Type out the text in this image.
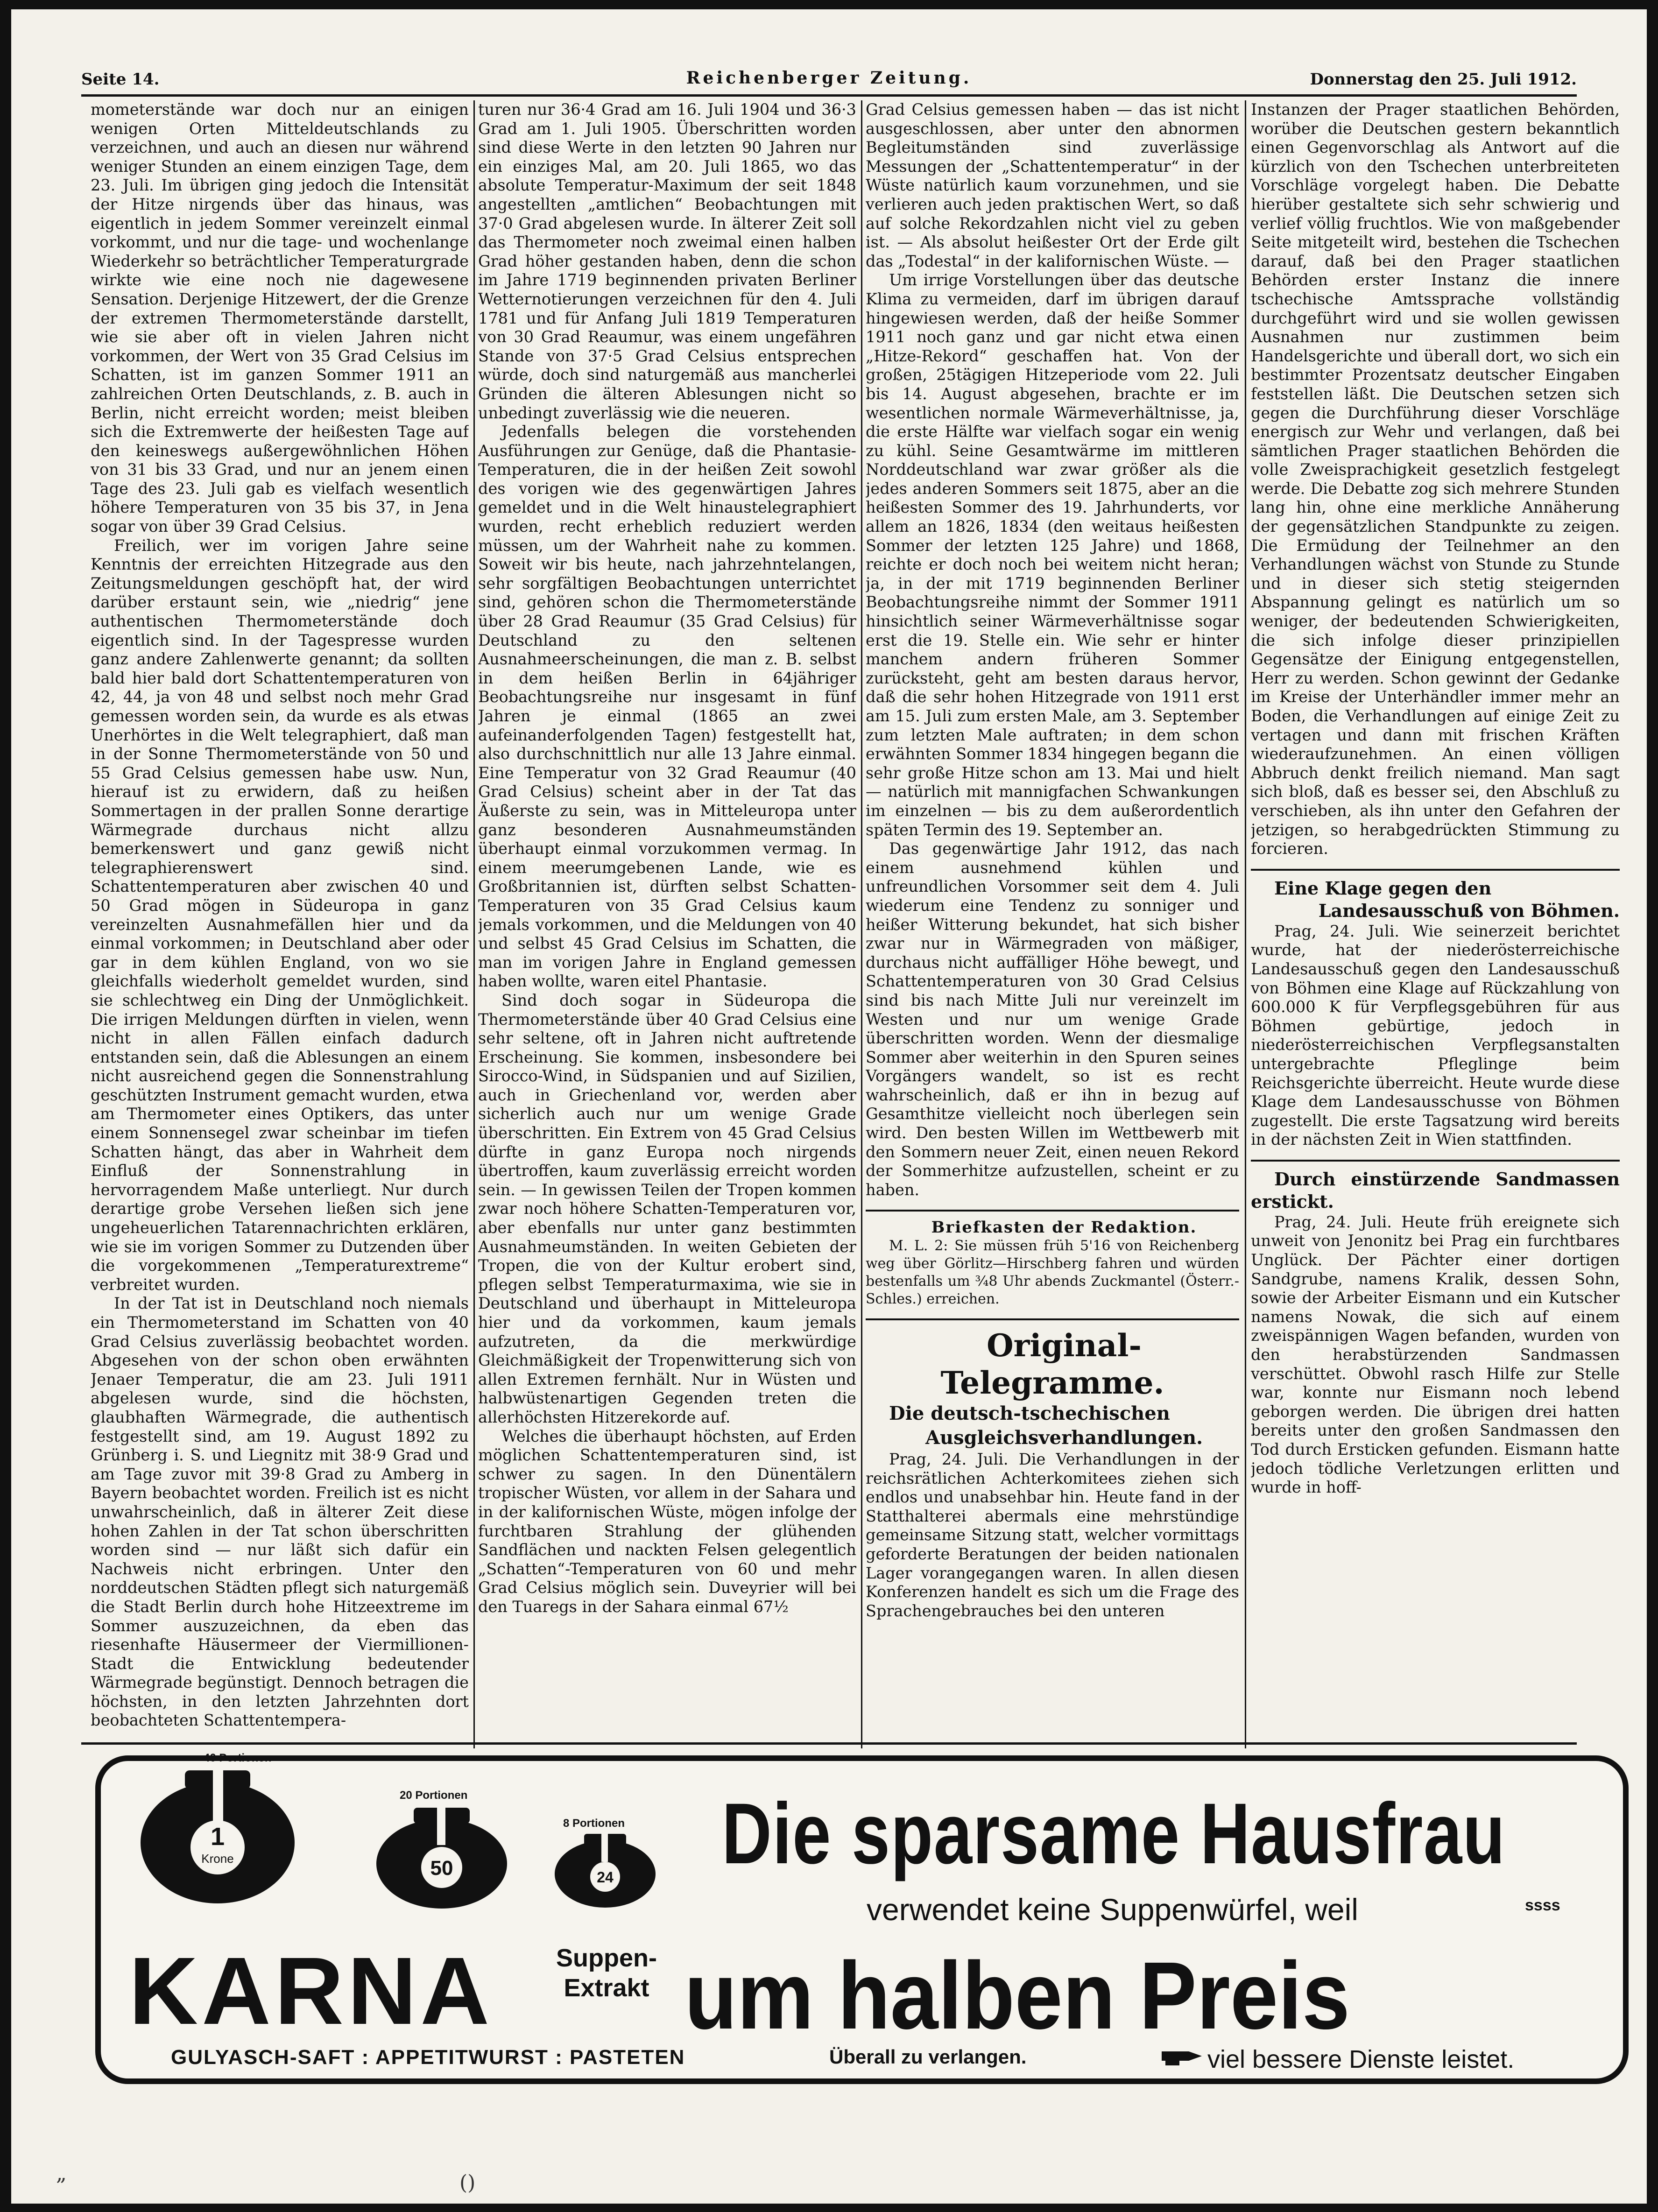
Seite 14.	Reichenberger Zeitung.	Donnerstag den 25. Juli 1912.

mometerstände war doch nur an einigen wenigen Orten Mitteldeutschlands zu verzeichnen, und auch an diesen nur während weniger Stunden an einem einzigen Tage, dem 23. Juli. Im übrigen ging jedoch die Intensität der Hitze nirgends über das hinaus, was eigentlich in jedem Sommer vereinzelt einmal vorkommt, und nur die tage- und wochenlange Wiederkehr so beträchtlicher Temperaturgrade wirkte wie eine noch nie dagewesene Sensation. Derjenige Hitzewert, der die Grenze der extremen Thermometerstände darstellt, wie sie aber oft in vielen Jahren nicht vorkommen, der Wert von 35 Grad Celsius im Schatten, ist im ganzen Sommer 1911 an zahlreichen Orten Deutschlands, z. B. auch in Berlin, nicht erreicht worden; meist bleiben sich die Extremwerte der heißesten Tage auf den keineswegs außergewöhnlichen Höhen von 31 bis 33 Grad, und nur an jenem einen Tage des 23. Juli gab es vielfach wesentlich höhere Temperaturen von 35 bis 37, in Jena sogar von über 39 Grad Celsius.

Freilich, wer im vorigen Jahre seine Kenntnis der erreichten Hitzegrade aus den Zeitungsmeldungen geschöpft hat, der wird darüber erstaunt sein, wie „niedrig“ jene authentischen Thermometerstände doch eigentlich sind. In der Tagespresse wurden ganz andere Zahlenwerte genannt; da sollten bald hier bald dort Schattentemperaturen von 42, 44, ja von 48 und selbst noch mehr Grad gemessen worden sein, da wurde es als etwas Unerhörtes in die Welt telegraphiert, daß man in der Sonne Thermometerstände von 50 und 55 Grad Celsius gemessen habe usw. Nun, hierauf ist zu erwidern, daß zu heißen Sommertagen in der prallen Sonne derartige Wärmegrade durchaus nicht allzu bemerkenswert und ganz gewiß nicht telegraphierenswert sind. Schattentemperaturen aber zwischen 40 und 50 Grad mögen in Südeuropa in ganz vereinzelten Ausnahmefällen hier und da einmal vorkommen; in Deutschland aber oder gar in dem kühlen England, von wo sie gleichfalls wiederholt gemeldet wurden, sind sie schlechtweg ein Ding der Unmöglichkeit. Die irrigen Meldungen dürften in vielen, wenn nicht in allen Fällen einfach dadurch entstanden sein, daß die Ablesungen an einem nicht ausreichend gegen die Sonnenstrahlung geschützten Instrument gemacht wurden, etwa am Thermometer eines Optikers, das unter einem Sonnensegel zwar scheinbar im tiefen Schatten hängt, das aber in Wahrheit dem Einfluß der Sonnenstrahlung in hervorragendem Maße unterliegt. Nur durch derartige grobe Versehen ließen sich jene ungeheuerlichen Tatarennachrichten erklären, wie sie im vorigen Sommer zu Dutzenden über die vorgekommenen „Temperaturextreme“ verbreitet wurden.

In der Tat ist in Deutschland noch niemals ein Thermometerstand im Schatten von 40 Grad Celsius zuverlässig beobachtet worden. Abgesehen von der schon oben erwähnten Jenaer Temperatur, die am 23. Juli 1911 abgelesen wurde, sind die höchsten, glaubhaften Wärmegrade, die authentisch festgestellt sind, am 19. August 1892 zu Grünberg i. S. und Liegnitz mit 38·9 Grad und am Tage zuvor mit 39·8 Grad zu Amberg in Bayern beobachtet worden. Freilich ist es nicht unwahrscheinlich, daß in älterer Zeit diese hohen Zahlen in der Tat schon überschritten worden sind — nur läßt sich dafür ein Nachweis nicht erbringen. Unter den norddeutschen Städten pflegt sich naturgemäß die Stadt Berlin durch hohe Hitzeextreme im Sommer auszuzeichnen, da eben das riesenhafte Häusermeer der Viermillionen-Stadt die Entwicklung bedeutender Wärmegrade begünstigt. Dennoch betragen die höchsten, in den letzten Jahrzehnten dort beobachteten Schattentempera-

turen nur 36·4 Grad am 16. Juli 1904 und 36·3 Grad am 1. Juli 1905. Überschritten worden sind diese Werte in den letzten 90 Jahren nur ein einziges Mal, am 20. Juli 1865, wo das absolute Temperatur-Maximum der seit 1848 angestellten „amtlichen“ Beobachtungen mit 37·0 Grad abgelesen wurde. In älterer Zeit soll das Thermometer noch zweimal einen halben Grad höher gestanden haben, denn die schon im Jahre 1719 beginnenden privaten Berliner Wetternotierungen verzeichnen für den 4. Juli 1781 und für Anfang Juli 1819 Temperaturen von 30 Grad Reaumur, was einem ungefähren Stande von 37·5 Grad Celsius entsprechen würde, doch sind naturgemäß aus mancherlei Gründen die älteren Ablesungen nicht so unbedingt zuverlässig wie die neueren.

Jedenfalls belegen die vorstehenden Ausführungen zur Genüge, daß die Phantasie-Temperaturen, die in der heißen Zeit sowohl des vorigen wie des gegenwärtigen Jahres gemeldet und in die Welt hinaustelegraphiert wurden, recht erheblich reduziert werden müssen, um der Wahrheit nahe zu kommen. Soweit wir bis heute, nach jahrzehntelangen, sehr sorgfältigen Beobachtungen unterrichtet sind, gehören schon die Thermometerstände über 28 Grad Reaumur (35 Grad Celsius) für Deutschland zu den seltenen Ausnahmeerscheinungen, die man z. B. selbst in dem heißen Berlin in 64jähriger Beobachtungsreihe nur insgesamt in fünf Jahren je einmal (1865 an zwei aufeinanderfolgenden Tagen) festgestellt hat, also durchschnittlich nur alle 13 Jahre einmal. Eine Temperatur von 32 Grad Reaumur (40 Grad Celsius) scheint aber in der Tat das Äußerste zu sein, was in Mitteleuropa unter ganz besonderen Ausnahmeumständen überhaupt einmal vorzukommen vermag. In einem meerumgebenen Lande, wie es Großbritannien ist, dürften selbst Schatten-Temperaturen von 35 Grad Celsius kaum jemals vorkommen, und die Meldungen von 40 und selbst 45 Grad Celsius im Schatten, die man im vorigen Jahre in England gemessen haben wollte, waren eitel Phantasie.

Sind doch sogar in Südeuropa die Thermometerstände über 40 Grad Celsius eine sehr seltene, oft in Jahren nicht auftretende Erscheinung. Sie kommen, insbesondere bei Sirocco-Wind, in Südspanien und auf Sizilien, auch in Griechenland vor, werden aber sicherlich auch nur um wenige Grade überschritten. Ein Extrem von 45 Grad Celsius dürfte in ganz Europa noch nirgends übertroffen, kaum zuverlässig erreicht worden sein. — In gewissen Teilen der Tropen kommen zwar noch höhere Schatten-Temperaturen vor, aber ebenfalls nur unter ganz bestimmten Ausnahmeumständen. In weiten Gebieten der Tropen, die von der Kultur erobert sind, pflegen selbst Temperaturmaxima, wie sie in Deutschland und überhaupt in Mitteleuropa hier und da vorkommen, kaum jemals aufzutreten, da die merkwürdige Gleichmäßigkeit der Tropenwitterung sich von allen Extremen fernhält. Nur in Wüsten und halbwüstenartigen Gegenden treten die allerhöchsten Hitzerekorde auf.

Welches die überhaupt höchsten, auf Erden möglichen Schattentemperaturen sind, ist schwer zu sagen. In den Dünentälern tropischer Wüsten, vor allem in der Sahara und in der kalifornischen Wüste, mögen infolge der furchtbaren Strahlung der glühenden Sandflächen und nackten Felsen gelegentlich „Schatten“-Temperaturen von 60 und mehr Grad Celsius möglich sein. Duveyrier will bei den Tuaregs in der Sahara einmal 67½

Grad Celsius gemessen haben — das ist nicht ausgeschlossen, aber unter den abnormen Begleitumständen sind zuverlässige Messungen der „Schattentemperatur“ in der Wüste natürlich kaum vorzunehmen, und sie verlieren auch jeden praktischen Wert, so daß auf solche Rekordzahlen nicht viel zu geben ist. — Als absolut heißester Ort der Erde gilt das „Todestal“ in der kalifornischen Wüste. —

Um irrige Vorstellungen über das deutsche Klima zu vermeiden, darf im übrigen darauf hingewiesen werden, daß der heiße Sommer 1911 noch ganz und gar nicht etwa einen „Hitze-Rekord“ geschaffen hat. Von der großen, 25tägigen Hitzeperiode vom 22. Juli bis 14. August abgesehen, brachte er im wesentlichen normale Wärmeverhältnisse, ja, die erste Hälfte war vielfach sogar ein wenig zu kühl. Seine Gesamtwärme im mittleren Norddeutschland war zwar größer als die jedes anderen Sommers seit 1875, aber an die heißesten Sommer des 19. Jahrhunderts, vor allem an 1826, 1834 (den weitaus heißesten Sommer der letzten 125 Jahre) und 1868, reichte er doch noch bei weitem nicht heran; ja, in der mit 1719 beginnenden Berliner Beobachtungsreihe nimmt der Sommer 1911 hinsichtlich seiner Wärmeverhältnisse sogar erst die 19. Stelle ein. Wie sehr er hinter manchem andern früheren Sommer zurücksteht, geht am besten daraus hervor, daß die sehr hohen Hitzegrade von 1911 erst am 15. Juli zum ersten Male, am 3. September zum letzten Male auftraten; in dem schon erwähnten Sommer 1834 hingegen begann die sehr große Hitze schon am 13. Mai und hielt — natürlich mit mannigfachen Schwankungen im einzelnen — bis zu dem außerordentlich späten Termin des 19. September an.

Das gegenwärtige Jahr 1912, das nach einem ausnehmend kühlen und unfreundlichen Vorsommer seit dem 4. Juli wiederum eine Tendenz zu sonniger und heißer Witterung bekundet, hat sich bisher zwar nur in Wärmegraden von mäßiger, durchaus nicht auffälliger Höhe bewegt, und Schattentemperaturen von 30 Grad Celsius sind bis nach Mitte Juli nur vereinzelt im Westen und nur um wenige Grade überschritten worden. Wenn der diesmalige Sommer aber weiterhin in den Spuren seines Vorgängers wandelt, so ist es recht wahrscheinlich, daß er ihn in bezug auf Gesamthitze vielleicht noch überlegen sein wird. Den besten Willen im Wettbewerb mit den Sommern neuer Zeit, einen neuen Rekord der Sommerhitze aufzustellen, scheint er zu haben.

Briefkasten der Redaktion.

M. L. 2: Sie müssen früh 5'16 von Reichenberg weg über Görlitz—Hirschberg fahren und würden bestenfalls um ¾8 Uhr abends Zuckmantel (Österr.-Schles.) erreichen.

Original-Telegramme.

Die deutsch-tschechischen

Ausgleichsverhandlungen.

Prag, 24. Juli. Die Verhandlungen in der reichsrätlichen Achterkomitees ziehen sich endlos und unabsehbar hin. Heute fand in der Statthalterei abermals eine mehrstündige gemeinsame Sitzung statt, welcher vormittags geforderte Beratungen der beiden nationalen Lager vorangegangen waren. In allen diesen Konferenzen handelt es sich um die Frage des Sprachengebrauches bei den unteren

Instanzen der Prager staatlichen Behörden, worüber die Deutschen gestern bekanntlich einen Gegenvorschlag als Antwort auf die kürzlich von den Tschechen unterbreiteten Vorschläge vorgelegt haben. Die Debatte hierüber gestaltete sich sehr schwierig und verlief völlig fruchtlos. Wie von maßgebender Seite mitgeteilt wird, bestehen die Tschechen darauf, daß bei den Prager staatlichen Behörden erster Instanz die innere tschechische Amtssprache vollständig durchgeführt wird und sie wollen gewissen Ausnahmen nur zustimmen beim Handelsgerichte und überall dort, wo sich ein bestimmter Prozentsatz deutscher Eingaben feststellen läßt. Die Deutschen setzen sich gegen die Durchführung dieser Vorschläge energisch zur Wehr und verlangen, daß bei sämtlichen Prager staatlichen Behörden die volle Zweisprachigkeit gesetzlich festgelegt werde. Die Debatte zog sich mehrere Stunden lang hin, ohne eine merkliche Annäherung der gegensätzlichen Standpunkte zu zeigen. Die Ermüdung der Teilnehmer an den Verhandlungen wächst von Stunde zu Stunde und in dieser sich stetig steigernden Abspannung gelingt es natürlich um so weniger, der bedeutenden Schwierigkeiten, die sich infolge dieser prinzipiellen Gegensätze der Einigung entgegenstellen, Herr zu werden. Schon gewinnt der Gedanke im Kreise der Unterhändler immer mehr an Boden, die Verhandlungen auf einige Zeit zu vertagen und dann mit frischen Kräften wiederaufzunehmen. An einen völligen Abbruch denkt freilich niemand. Man sagt sich bloß, daß es besser sei, den Abschluß zu verschieben, als ihn unter den Gefahren der jetzigen, so herabgedrückten Stimmung zu forcieren.

Eine Klage gegen den

Landesausschuß von Böhmen.

Prag, 24. Juli. Wie seinerzeit berichtet wurde, hat der niederösterreichische Landesausschuß gegen den Landesausschuß von Böhmen eine Klage auf Rückzahlung von 600.000 K für Verpflegsgebühren für aus Böhmen gebürtige, jedoch in niederösterreichischen Verpflegsanstalten untergebrachte Pfleglinge beim Reichsgerichte überreicht. Heute wurde diese Klage dem Landesausschusse von Böhmen zugestellt. Die erste Tagsatzung wird bereits in der nächsten Zeit in Wien stattfinden.

Durch einstürzende Sandmassen erstickt.

Prag, 24. Juli. Heute früh ereignete sich unweit von Jenonitz bei Prag ein furchtbares Unglück. Der Pächter einer dortigen Sandgrube, namens Kralik, dessen Sohn, sowie der Arbeiter Eismann und ein Kutscher namens Nowak, die sich auf einem zweispännigen Wagen befanden, wurden von den herabstürzenden Sandmassen verschüttet. Obwohl rasch Hilfe zur Stelle war, konnte nur Eismann noch lebend geborgen werden. Die übrigen drei hatten bereits unter den großen Sandmassen den Tod durch Ersticken gefunden. Eismann hatte jedoch tödliche Verletzungen erlitten und wurde in hoff-

40 Portionen
1
Krone
20 Portionen
50
8 Portionen
24 Die sparsame Hausfrau
verwendet keine Suppenwürfel, weil	ssss
KARNA Suppen-
Extrakt um halben Preis
GULYASCH-SAFT : APPETITWURST : PASTETEN	Überall zu verlangen.	viel bessere Dienste leistet.
„	()
